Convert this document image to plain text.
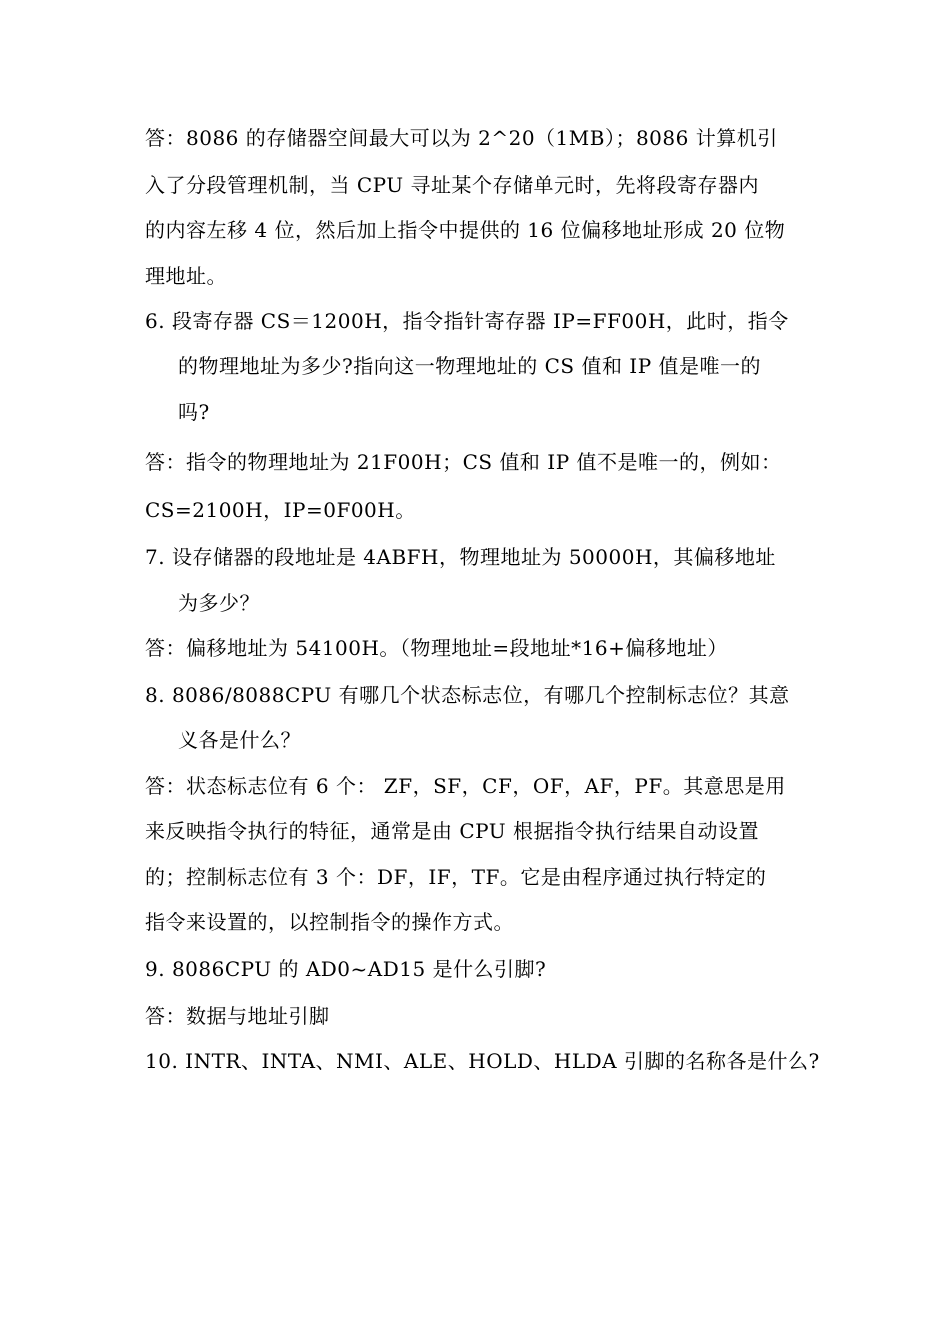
答：8086 的存储器空间最大可以为 2^20（1MB）；8086 计算机引
入了分段管理机制，当 CPU 寻址某个存储单元时，先将段寄存器内
的内容左移 4 位，然后加上指令中提供的 16 位偏移地址形成 20 位物
理地址。
6. 段寄存器 CS＝1200H，指令指针寄存器 IP=FF00H，此时，指令
的物理地址为多少?指向这一物理地址的 CS 值和 IP 值是唯一的
吗?
答：指令的物理地址为 21F00H；CS 值和 IP 值不是唯一的，例如：
CS=2100H，IP=0F00H。
7. 设存储器的段地址是 4ABFH，物理地址为 50000H，其偏移地址
为多少？
答：偏移地址为 54100H。（物理地址=段地址*16+偏移地址）
8. 8086/8088CPU 有哪几个状态标志位，有哪几个控制标志位？其意
义各是什么？
答：状态标志位有 6 个： ZF，SF，CF，OF，AF，PF。其意思是用
来反映指令执行的特征，通常是由 CPU 根据指令执行结果自动设置
的；控制标志位有 3 个：DF，IF，TF。它是由程序通过执行特定的
指令来设置的，以控制指令的操作方式。
9. 8086CPU 的 AD0~AD15 是什么引脚?
答：数据与地址引脚
10. INTR、INTA、NMI、ALE、HOLD、HLDA 引脚的名称各是什么?
